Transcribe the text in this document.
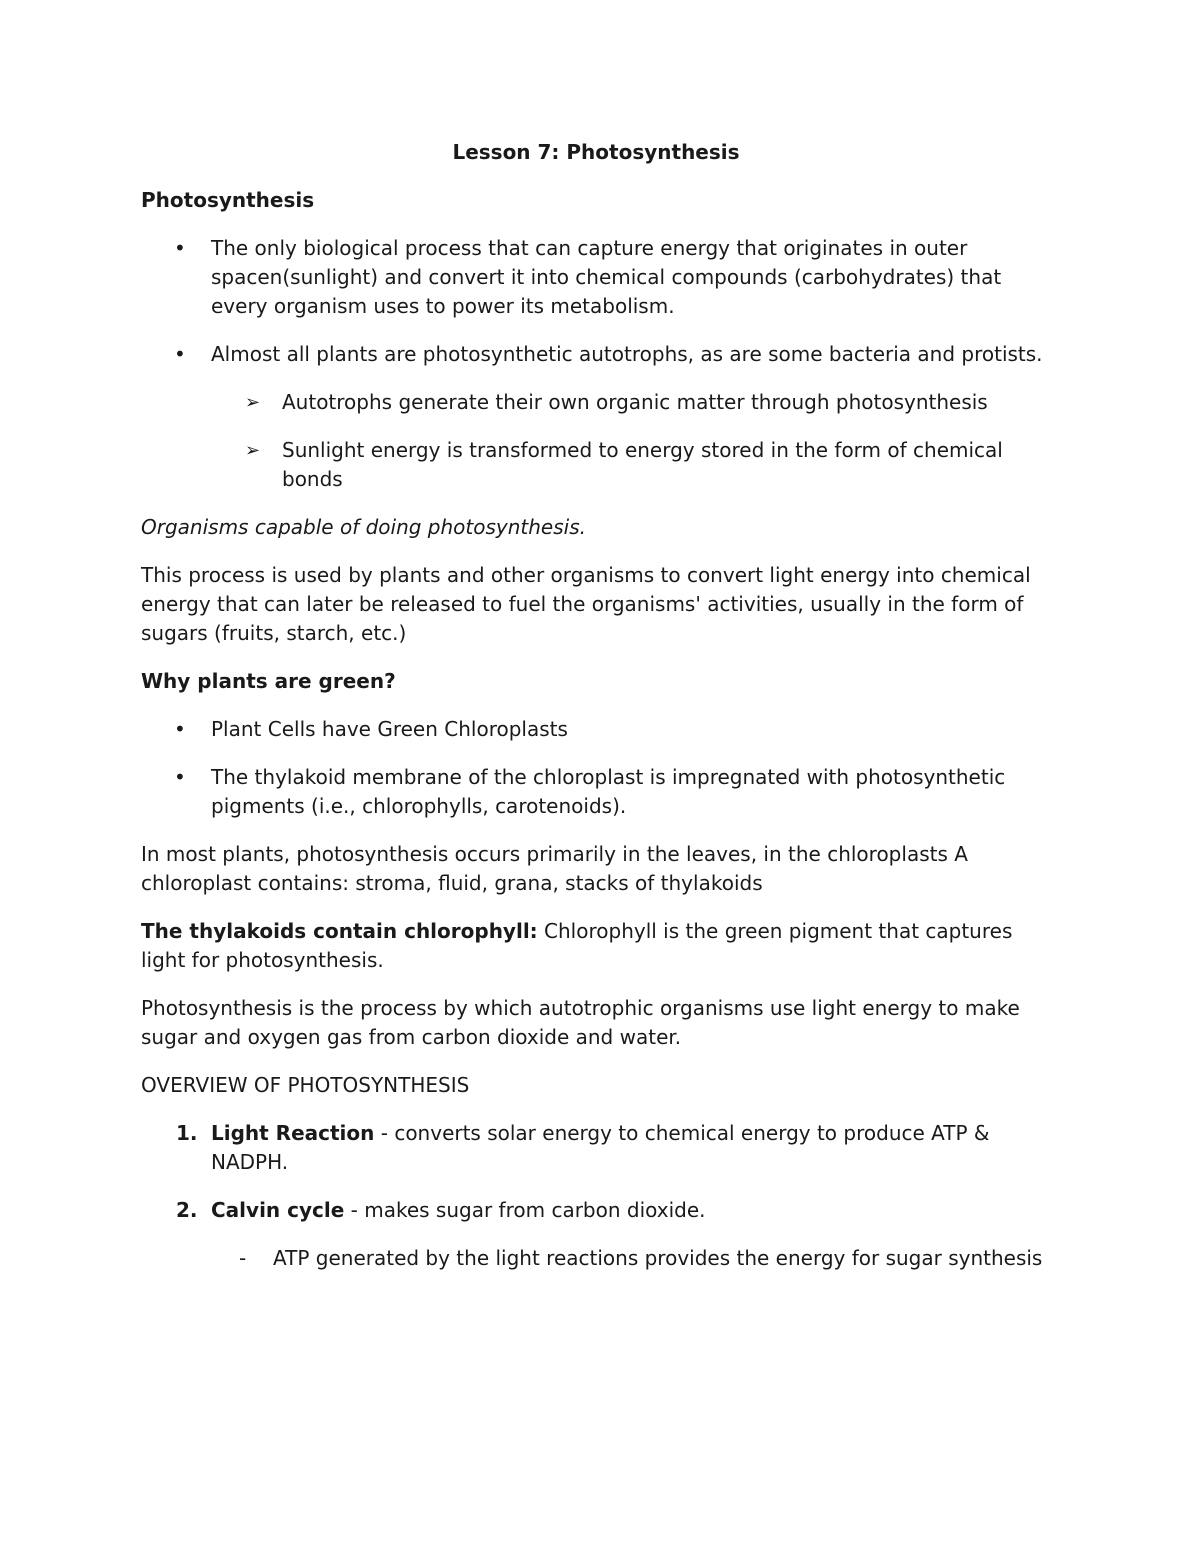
Lesson 7: Photosynthesis

Photosynthesis

• The only biological process that can capture energy that originates in outer spacen(sunlight) and convert it into chemical compounds (carbohydrates) that every organism uses to power its metabolism.
• Almost all plants are photosynthetic autotrophs, as are some bacteria and protists.
➢ Autotrophs generate their own organic matter through photosynthesis
➢ Sunlight energy is transformed to energy stored in the form of chemical bonds

Organisms capable of doing photosynthesis.

This process is used by plants and other organisms to convert light energy into chemical energy that can later be released to fuel the organisms' activities, usually in the form of sugars (fruits, starch, etc.)

Why plants are green?

• Plant Cells have Green Chloroplasts
• The thylakoid membrane of the chloroplast is impregnated with photosynthetic pigments (i.e., chlorophylls, carotenoids).

In most plants, photosynthesis occurs primarily in the leaves, in the chloroplasts A chloroplast contains: stroma, fluid, grana, stacks of thylakoids

The thylakoids contain chlorophyll: Chlorophyll is the green pigment that captures light for photosynthesis.

Photosynthesis is the process by which autotrophic organisms use light energy to make sugar and oxygen gas from carbon dioxide and water.

OVERVIEW OF PHOTOSYNTHESIS

1. Light Reaction - converts solar energy to chemical energy to produce ATP & NADPH.
2. Calvin cycle - makes sugar from carbon dioxide.
- ATP generated by the light reactions provides the energy for sugar synthesis
